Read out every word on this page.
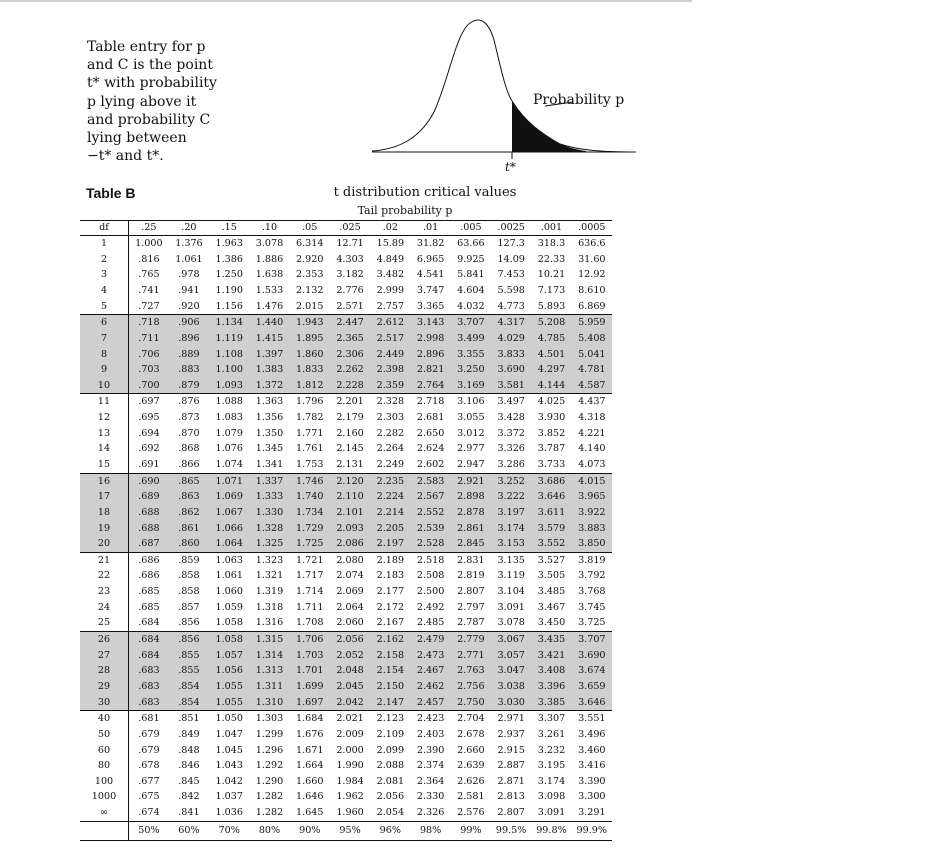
Table entry for p
and C is the point
t* with probability
p lying above it
and probability C
lying between
−t* and t*.
Probability p
t*
Table B	t distribution critical values
Tail probability p
df	.25	.20	.15	.10	.05	.025	.02	.01	.005	.0025	.001	.0005
1	1.000	1.376	1.963	3.078	6.314	12.71	15.89	31.82	63.66	127.3	318.3	636.6
2	.816	1.061	1.386	1.886	2.920	4.303	4.849	6.965	9.925	14.09	22.33	31.60
3	.765	.978	1.250	1.638	2.353	3.182	3.482	4.541	5.841	7.453	10.21	12.92
4	.741	.941	1.190	1.533	2.132	2.776	2.999	3.747	4.604	5.598	7.173	8.610
5	.727	.920	1.156	1.476	2.015	2.571	2.757	3.365	4.032	4.773	5.893	6.869
6	.718	.906	1.134	1.440	1.943	2.447	2.612	3.143	3.707	4.317	5.208	5.959
7	.711	.896	1.119	1.415	1.895	2.365	2.517	2.998	3.499	4.029	4.785	5.408
8	.706	.889	1.108	1.397	1.860	2.306	2.449	2.896	3.355	3.833	4.501	5.041
9	.703	.883	1.100	1.383	1.833	2.262	2.398	2.821	3.250	3.690	4.297	4.781
10	.700	.879	1.093	1.372	1.812	2.228	2.359	2.764	3.169	3.581	4.144	4.587
11	.697	.876	1.088	1.363	1.796	2.201	2.328	2.718	3.106	3.497	4.025	4.437
12	.695	.873	1.083	1.356	1.782	2.179	2.303	2.681	3.055	3.428	3.930	4.318
13	.694	.870	1.079	1.350	1.771	2.160	2.282	2.650	3.012	3.372	3.852	4.221
14	.692	.868	1.076	1.345	1.761	2.145	2.264	2.624	2.977	3.326	3.787	4.140
15	.691	.866	1.074	1.341	1.753	2.131	2.249	2.602	2.947	3.286	3.733	4.073
16	.690	.865	1.071	1.337	1.746	2.120	2.235	2.583	2.921	3.252	3.686	4.015
17	.689	.863	1.069	1.333	1.740	2.110	2.224	2.567	2.898	3.222	3.646	3.965
18	.688	.862	1.067	1.330	1.734	2.101	2.214	2.552	2.878	3.197	3.611	3.922
19	.688	.861	1.066	1.328	1.729	2.093	2.205	2.539	2.861	3.174	3.579	3.883
20	.687	.860	1.064	1.325	1.725	2.086	2.197	2.528	2.845	3.153	3.552	3.850
21	.686	.859	1.063	1.323	1.721	2.080	2.189	2.518	2.831	3.135	3.527	3.819
22	.686	.858	1.061	1.321	1.717	2.074	2.183	2.508	2.819	3.119	3.505	3.792
23	.685	.858	1.060	1.319	1.714	2.069	2.177	2.500	2.807	3.104	3.485	3.768
24	.685	.857	1.059	1.318	1.711	2.064	2.172	2.492	2.797	3.091	3.467	3.745
25	.684	.856	1.058	1.316	1.708	2.060	2.167	2.485	2.787	3.078	3.450	3.725
26	.684	.856	1.058	1.315	1.706	2.056	2.162	2.479	2.779	3.067	3.435	3.707
27	.684	.855	1.057	1.314	1.703	2.052	2.158	2.473	2.771	3.057	3.421	3.690
28	.683	.855	1.056	1.313	1.701	2.048	2.154	2.467	2.763	3.047	3.408	3.674
29	.683	.854	1.055	1.311	1.699	2.045	2.150	2.462	2.756	3.038	3.396	3.659
30	.683	.854	1.055	1.310	1.697	2.042	2.147	2.457	2.750	3.030	3.385	3.646
40	.681	.851	1.050	1.303	1.684	2.021	2.123	2.423	2.704	2.971	3.307	3.551
50	.679	.849	1.047	1.299	1.676	2.009	2.109	2.403	2.678	2.937	3.261	3.496
60	.679	.848	1.045	1.296	1.671	2.000	2.099	2.390	2.660	2.915	3.232	3.460
80	.678	.846	1.043	1.292	1.664	1.990	2.088	2.374	2.639	2.887	3.195	3.416
100	.677	.845	1.042	1.290	1.660	1.984	2.081	2.364	2.626	2.871	3.174	3.390
1000	.675	.842	1.037	1.282	1.646	1.962	2.056	2.330	2.581	2.813	3.098	3.300
∞	.674	.841	1.036	1.282	1.645	1.960	2.054	2.326	2.576	2.807	3.091	3.291
	50%	60%	70%	80%	90%	95%	96%	98%	99%	99.5%	99.8%	99.9%
